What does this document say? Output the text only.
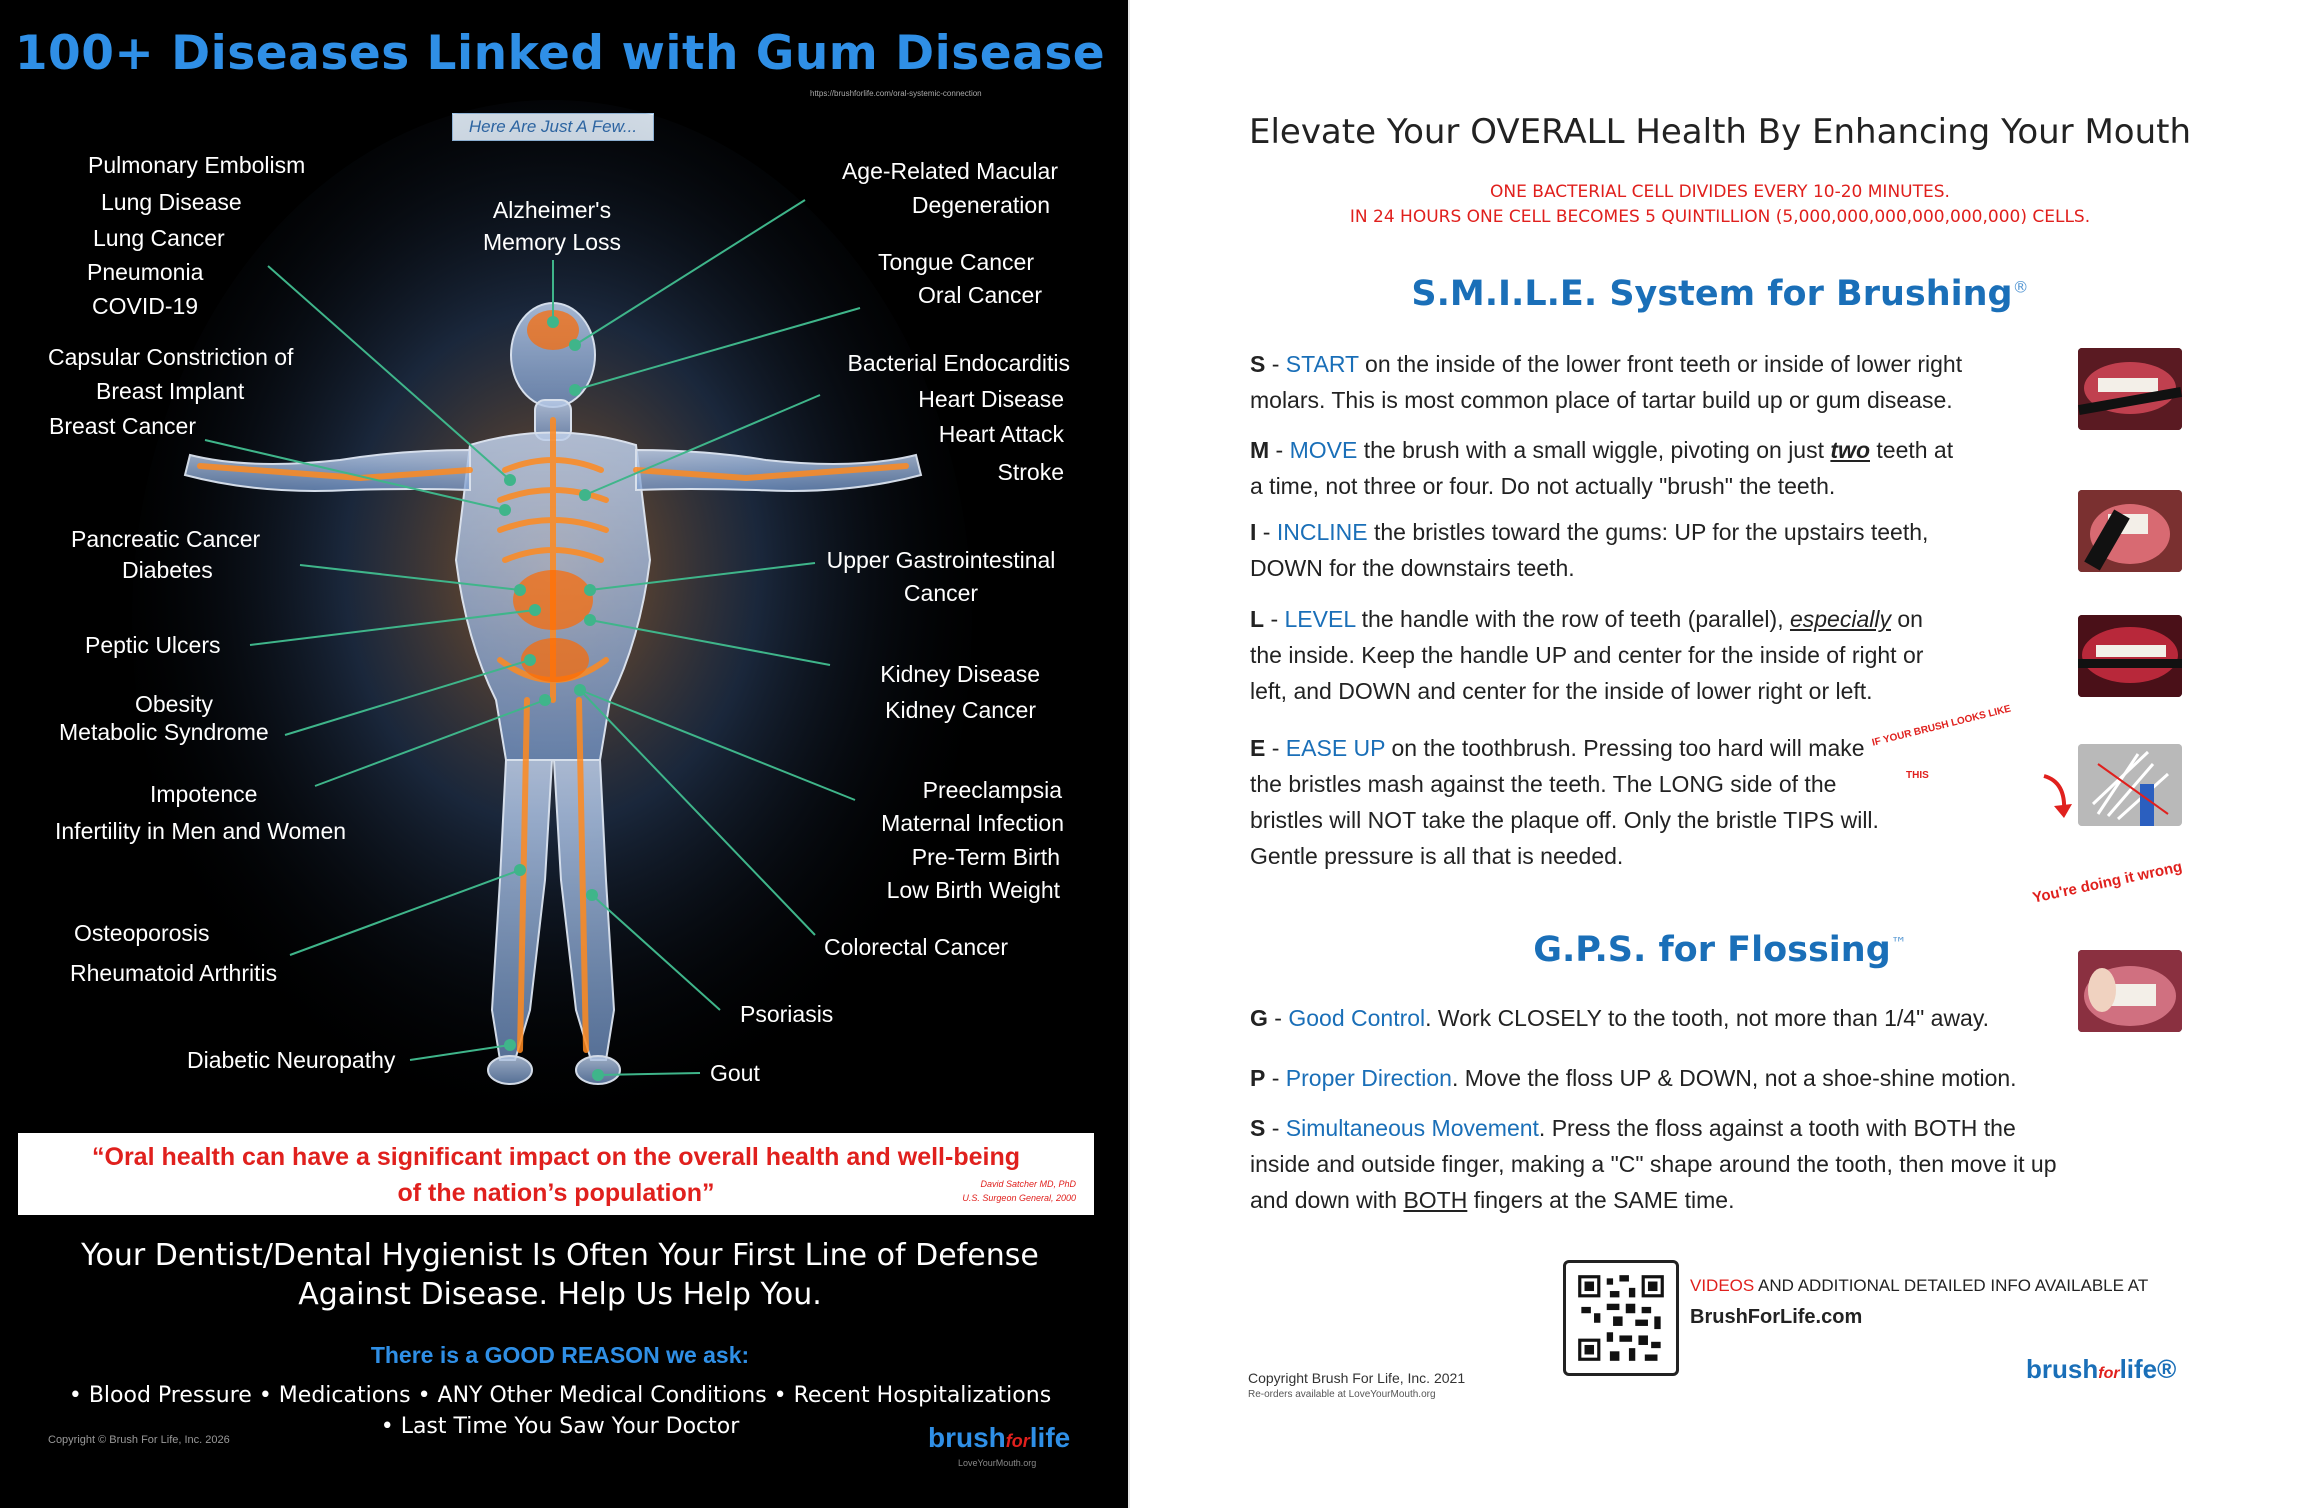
100+ Diseases Linked with Gum Disease
https://brushforlife.com/oral-systemic-connection
Pulmonary Embolism
Lung Disease
Lung Cancer
Pneumonia
COVID-19
Alzheimer's
Memory Loss
Age-Related Macular
Degeneration
Tongue Cancer
Oral Cancer
Capsular Constriction of
Breast Implant
Breast Cancer
Bacterial Endocarditis
Heart Disease
Heart Attack
Stroke
Pancreatic Cancer
Diabetes	Upper Gastrointestinal
Cancer
Peptic Ulcers
Kidney Disease
Kidney Cancer
Obesity
Metabolic Syndrome
Impotence
Infertility in Men and Women
Preeclampsia
Maternal Infection
Pre-Term Birth
Low Birth Weight
Osteoporosis
Rheumatoid Arthritis
Colorectal Cancer
Psoriasis
Diabetic Neuropathy	Gout
“Oral health can have a significant impact on the overall health and well-being
of the nation’s population”	David Satcher MD, PhD
U.S. Surgeon General, 2000
Your Dentist/Dental Hygienist Is Often Your First Line of Defense
Against Disease. Help Us Help You.
There is a GOOD REASON we ask:
• Blood Pressure • Medications • ANY Other Medical Conditions • Recent Hospitalizations
• Last Time You Saw Your Doctor
Copyright © Brush For Life, Inc. 2026	brushforlife
LoveYourMouth.org
Elevate Your OVERALL Health By Enhancing Your Mouth
ONE BACTERIAL CELL DIVIDES EVERY 10-20 MINUTES.
IN 24 HOURS ONE CELL BECOMES 5 QUINTILLION (5,000,000,000,000,000,000) CELLS.
S.M.I.L.E. System for Brushing®
S - START on the inside of the lower front teeth or inside of lower right
molars. This is most common place of tartar build up or gum disease.
M - MOVE the brush with a small wiggle, pivoting on just two teeth at
a time, not three or four. Do not actually "brush" the teeth.
I - INCLINE the bristles toward the gums: UP for the upstairs teeth,
DOWN for the downstairs teeth.
L - LEVEL the handle with the row of teeth (parallel), especially on
the inside. Keep the handle UP and center for the inside of right or
left, and DOWN and center for the inside of lower right or left.
E - EASE UP on the toothbrush. Pressing too hard will make
the bristles mash against the teeth. The LONG side of the
bristles will NOT take the plaque off. Only the bristle TIPS will.
Gentle pressure is all that is needed.
IF YOUR BRUSH LOOKS LIKE
THIS
You're doing it wrong
G.P.S. for Flossing™
G - Good Control. Work CLOSELY to the tooth, not more than 1/4" away.
P - Proper Direction. Move the floss UP & DOWN, not a shoe-shine motion.
S - Simultaneous Movement. Press the floss against a tooth with BOTH the
inside and outside finger, making a "C" shape around the tooth, then move it up
and down with BOTH fingers at the SAME time.
VIDEOS AND ADDITIONAL DETAILED INFO AVAILABLE AT
BrushForLife.com
Copyright Brush For Life, Inc. 2021
Re-orders available at LoveYourMouth.org
brushforlife®
